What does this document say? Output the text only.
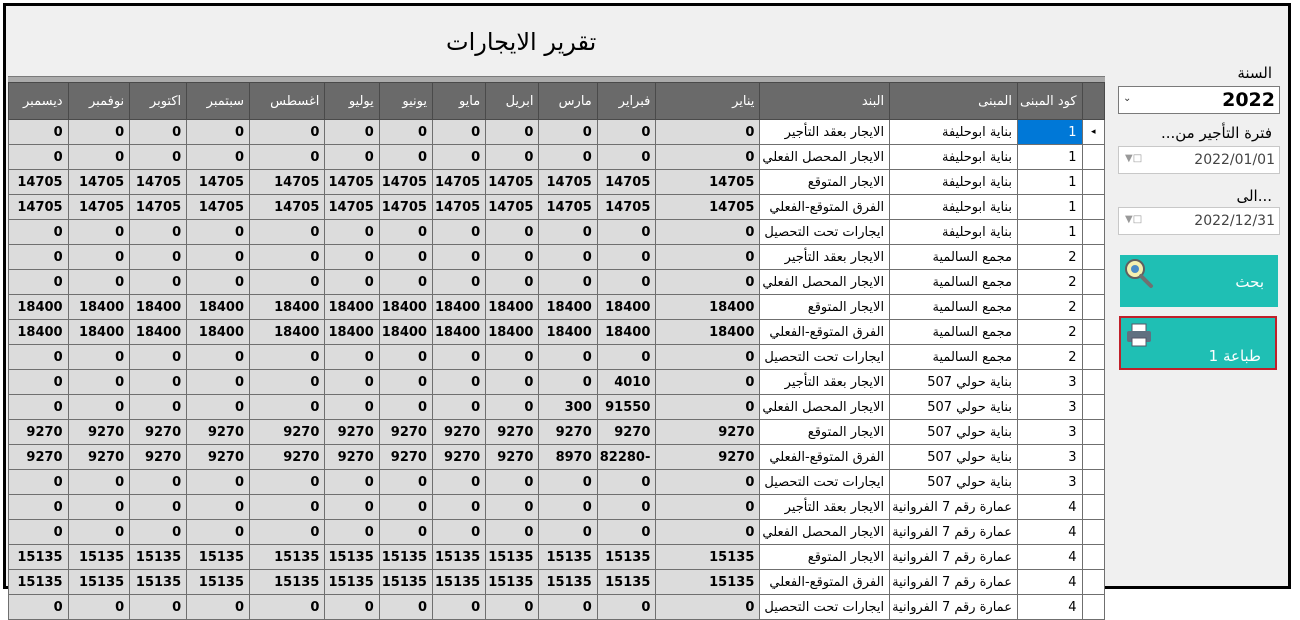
تقرير الايجارات
ديسمبر	نوفمبر	اكتوبر	سبتمبر	اغسطس	يوليو	يونيو	مايو	ابريل	مارس	فبراير	يناير	البند	المبنى	كود المبنى	
0	0	0	0	0	0	0	0	0	0	0	0	الايجار بعقد التأجير	بناية ابوحليفة	1	◂
0	0	0	0	0	0	0	0	0	0	0	0	الايجار المحصل الفعلي	بناية ابوحليفة	1	
14705	14705	14705	14705	14705	14705	14705	14705	14705	14705	14705	14705	الايجار المتوقع	بناية ابوحليفة	1	
14705	14705	14705	14705	14705	14705	14705	14705	14705	14705	14705	14705	الفرق المتوقع-الفعلي	بناية ابوحليفة	1	
0	0	0	0	0	0	0	0	0	0	0	0	ايجارات تحت التحصيل	بناية ابوحليفة	1	
0	0	0	0	0	0	0	0	0	0	0	0	الايجار بعقد التأجير	مجمع السالمية	2	
0	0	0	0	0	0	0	0	0	0	0	0	الايجار المحصل الفعلي	مجمع السالمية	2	
18400	18400	18400	18400	18400	18400	18400	18400	18400	18400	18400	18400	الايجار المتوقع	مجمع السالمية	2	
18400	18400	18400	18400	18400	18400	18400	18400	18400	18400	18400	18400	الفرق المتوقع-الفعلي	مجمع السالمية	2	
0	0	0	0	0	0	0	0	0	0	0	0	ايجارات تحت التحصيل	مجمع السالمية	2	
0	0	0	0	0	0	0	0	0	0	4010	0	الايجار بعقد التأجير	بناية حولي 507	3	
0	0	0	0	0	0	0	0	0	300	91550	0	الايجار المحصل الفعلي	بناية حولي 507	3	
9270	9270	9270	9270	9270	9270	9270	9270	9270	9270	9270	9270	الايجار المتوقع	بناية حولي 507	3	
9270	9270	9270	9270	9270	9270	9270	9270	9270	8970	82280-	9270	الفرق المتوقع-الفعلي	بناية حولي 507	3	
0	0	0	0	0	0	0	0	0	0	0	0	ايجارات تحت التحصيل	بناية حولي 507	3	
0	0	0	0	0	0	0	0	0	0	0	0	الايجار بعقد التأجير	عمارة رقم 7 الفروانية	4	
0	0	0	0	0	0	0	0	0	0	0	0	الايجار المحصل الفعلي	عمارة رقم 7 الفروانية	4	
15135	15135	15135	15135	15135	15135	15135	15135	15135	15135	15135	15135	الايجار المتوقع	عمارة رقم 7 الفروانية	4	
15135	15135	15135	15135	15135	15135	15135	15135	15135	15135	15135	15135	الفرق المتوقع-الفعلي	عمارة رقم 7 الفروانية	4	
0	0	0	0	0	0	0	0	0	0	0	0	ايجارات تحت التحصيل	عمارة رقم 7 الفروانية	4	
السنة
⌄	2022
فترة التأجير من...
▼□	2022/01/01
...الى
▼□	2022/12/31
بحث
طباعة 1
